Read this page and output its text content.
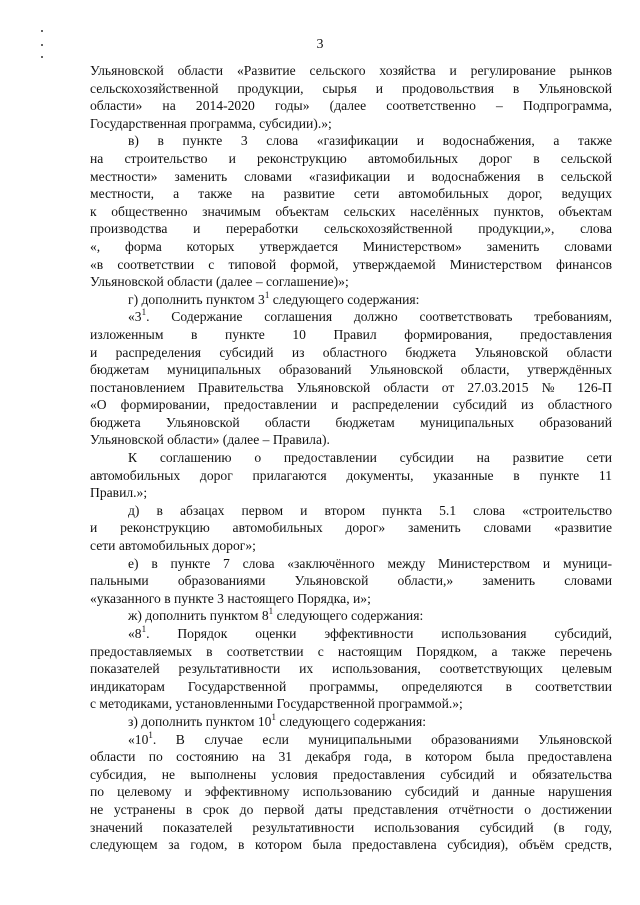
3

Ульяновской области «Развитие сельского хозяйства и регулирование рынков

сельскохозяйственной продукции, сырья и продовольствия в Ульяновской

области» на 2014-2020 годы» (далее соответственно – Подпрограмма,

Государственная программа, субсидии).»;

в) в пункте 3 слова «газификации и водоснабжения, а также

на строительство и реконструкцию автомобильных дорог в сельской

местности» заменить словами «газификации и водоснабжения в сельской

местности, а также на развитие сети автомобильных дорог, ведущих

к общественно значимым объектам сельских населённых пунктов, объектам

производства и переработки сельскохозяйственной продукции,», слова

«, форма которых утверждается Министерством» заменить словами

«в соответствии с типовой формой, утверждаемой Министерством финансов

Ульяновской области (далее – соглашение)»;

г) дополнить пунктом $3^1$ следующего содержания:

«$3^1$. Содержание соглашения должно соответствовать требованиям,

изложенным в пункте 10 Правил формирования, предоставления

и распределения субсидий из областного бюджета Ульяновской области

бюджетам муниципальных образований Ульяновской области, утверждённых

постановлением Правительства Ульяновской области от 27.03.2015 № 126-П

«О формировании, предоставлении и распределении субсидий из областного

бюджета Ульяновской области бюджетам муниципальных образований

Ульяновской области» (далее – Правила).

К соглашению о предоставлении субсидии на развитие сети

автомобильных дорог прилагаются документы, указанные в пункте 11

Правил.»;

д) в абзацах первом и втором пункта 5.1 слова «строительство

и реконструкцию автомобильных дорог» заменить словами «развитие

сети автомобильных дорог»;

е) в пункте 7 слова «заключённого между Министерством и муници-

пальными образованиями Ульяновской области,» заменить словами

«указанного в пункте 3 настоящего Порядка, и»;

ж) дополнить пунктом $8^1$ следующего содержания:

«$8^1$. Порядок оценки эффективности использования субсидий,

предоставляемых в соответствии с настоящим Порядком, а также перечень

показателей результативности их использования, соответствующих целевым

индикаторам Государственной программы, определяются в соответствии

с методиками, установленными Государственной программой.»;

з) дополнить пунктом $10^1$ следующего содержания:

«$10^1$. В случае если муниципальными образованиями Ульяновской

области по состоянию на 31 декабря года, в котором была предоставлена

субсидия, не выполнены условия предоставления субсидий и обязательства

по целевому и эффективному использованию субсидий и данные нарушения

не устранены в срок до первой даты представления отчётности о достижении

значений показателей результативности использования субсидий (в году,

следующем за годом, в котором была предоставлена субсидия), объём средств,
